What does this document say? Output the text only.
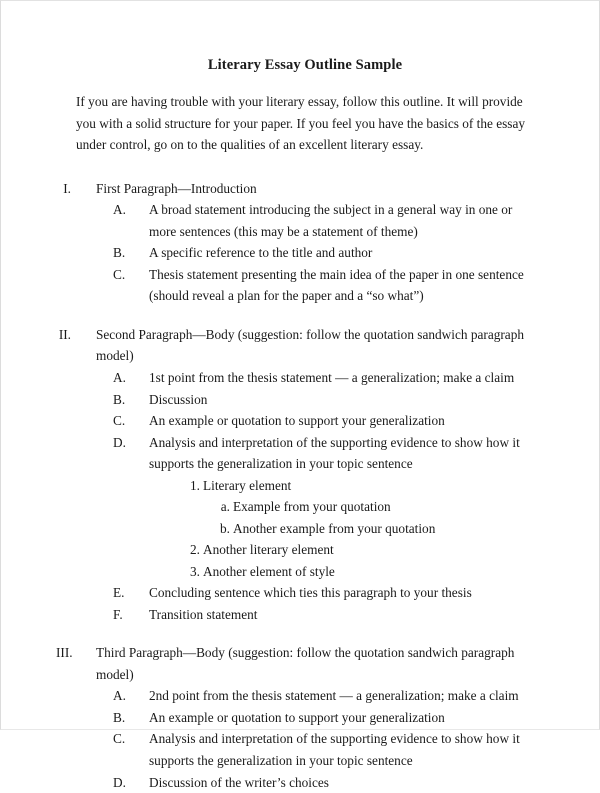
Literary Essay Outline Sample

If you are having trouble with your literary essay, follow this outline. It will provide you with a solid structure for your paper. If you feel you have the basics of the essay under control, go on to the qualities of an excellent literary essay.

I. First Paragraph—Introduction
A. A broad statement introducing the subject in a general way in one or more sentences (this may be a statement of theme)
B. A specific reference to the title and author
C. Thesis statement presenting the main idea of the paper in one sentence (should reveal a plan for the paper and a “so what”)
II. Second Paragraph—Body (suggestion: follow the quotation sandwich paragraph model)
A. 1st point from the thesis statement — a generalization; make a claim
B. Discussion
C. An example or quotation to support your generalization
D. Analysis and interpretation of the supporting evidence to show how it supports the generalization in your topic sentence
1. Literary element
a. Example from your quotation
b. Another example from your quotation
2. Another literary element
3. Another element of style
E.	Concluding sentence which ties this paragraph to your thesis
F.	Transition statement
III. Third Paragraph—Body (suggestion: follow the quotation sandwich paragraph model)
A. 2nd point from the thesis statement — a generalization; make a claim
B. An example or quotation to support your generalization
C. Analysis and interpretation of the supporting evidence to show how it supports the generalization in your topic sentence
D. Discussion of the writer’s choices
